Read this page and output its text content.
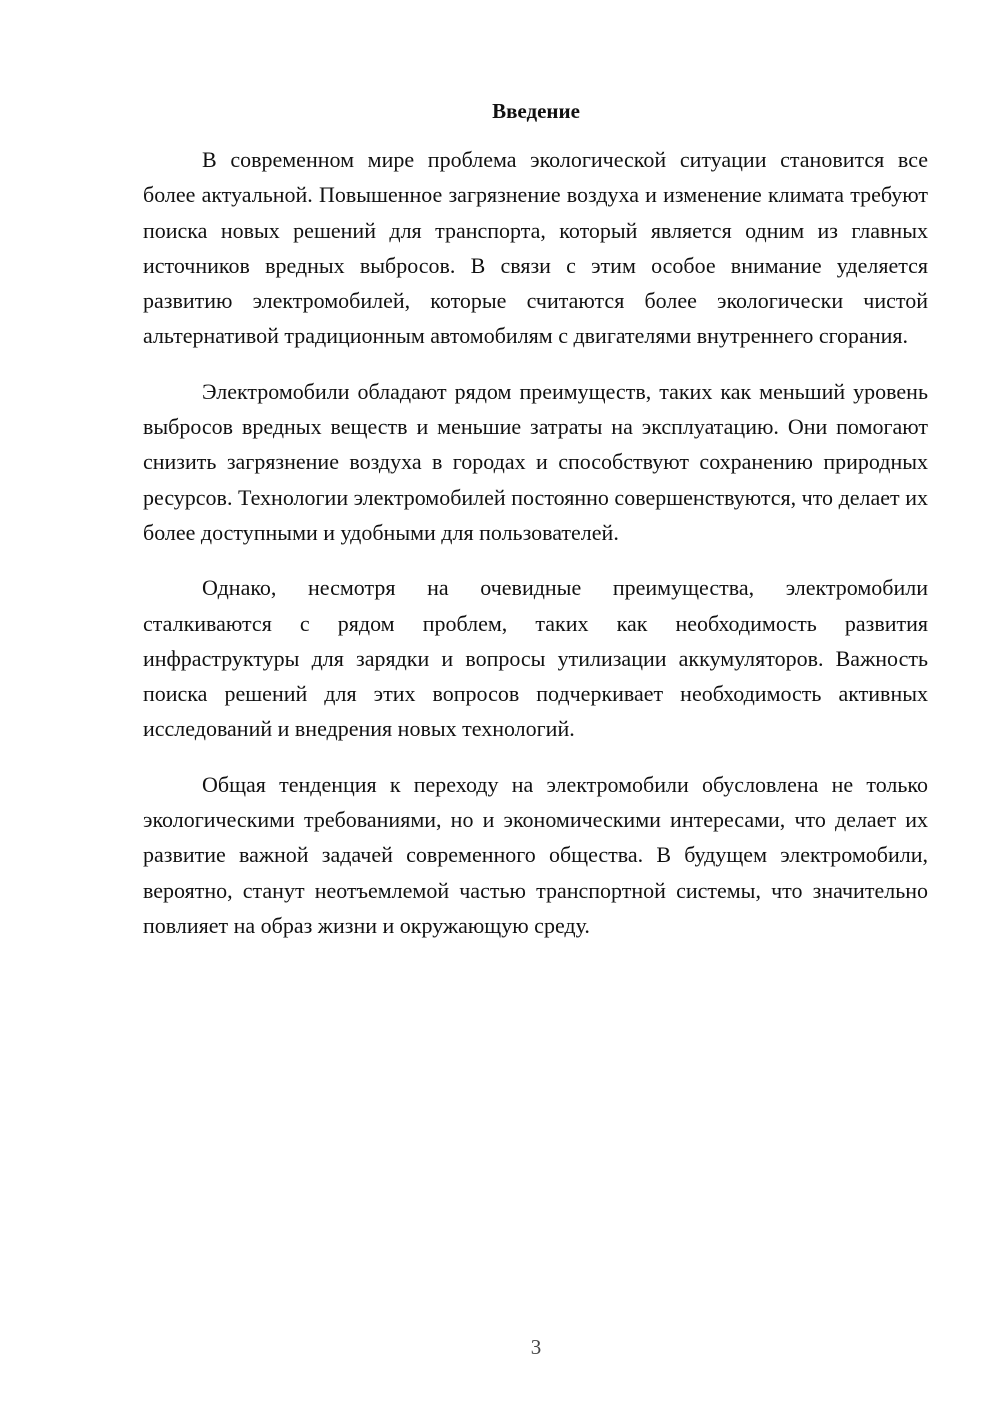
Введение

В современном мире проблема экологической ситуации становится все более актуальной. Повышенное загрязнение воздуха и изменение климата требуют поиска новых решений для транспорта, который является одним из главных источников вредных выбросов. В связи с этим особое внимание уделяется развитию электромобилей, которые считаются более экологически чистой альтернативой традиционным автомобилям с двигателями внутреннего сгорания.

Электромобили обладают рядом преимуществ, таких как меньший уровень выбросов вредных веществ и меньшие затраты на эксплуатацию. Они помогают снизить загрязнение воздуха в городах и способствуют сохранению природных ресурсов. Технологии электромобилей постоянно совершенствуются, что делает их более доступными и удобными для пользователей.

Однако, несмотря на очевидные преимущества, электромобили сталкиваются с рядом проблем, таких как необходимость развития инфраструктуры для зарядки и вопросы утилизации аккумуляторов. Важность поиска решений для этих вопросов подчеркивает необходимость активных исследований и внедрения новых технологий.

Общая тенденция к переходу на электромобили обусловлена не только экологическими требованиями, но и экономическими интересами, что делает их развитие важной задачей современного общества. В будущем электромобили, вероятно, станут неотъемлемой частью транспортной системы, что значительно повлияет на образ жизни и окружающую среду.

3
